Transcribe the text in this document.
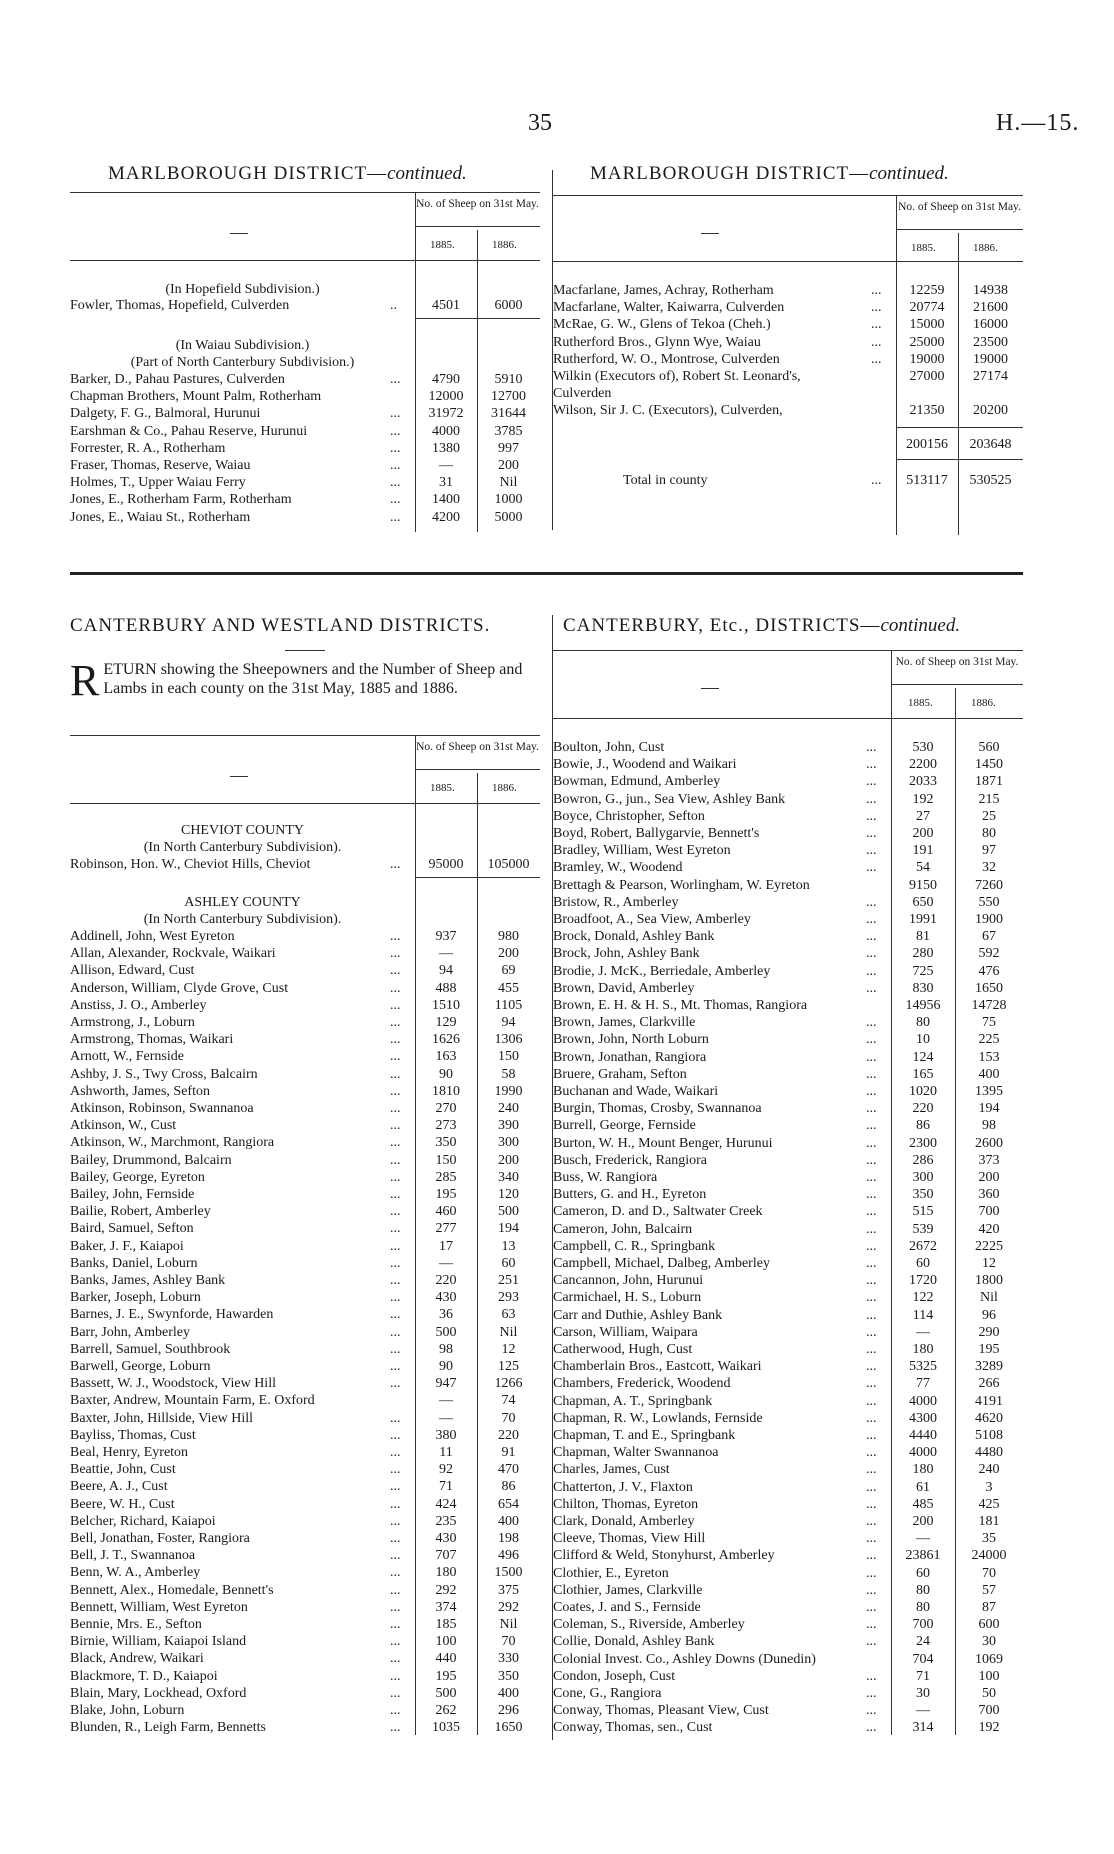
35	H.—15.
MARLBOROUGH DISTRICT—continued.
No. of Sheep on 31st May.
1885.	1886.
(In Hopefield Subdivision.)
Fowler, Thomas, Hopefield, Culverden	..	4501	6000
(In Waiau Subdivision.)
(Part of North Canterbury Subdivision.)
Barker, D., Pahau Pastures, Culverden	...	4790	5910
Chapman Brothers, Mount Palm, Rotherham	12000	12700
Dalgety, F. G., Balmoral, Hurunui	...	31972	31644
Earshman & Co., Pahau Reserve, Hurunui	...	4000	3785
Forrester, R. A., Rotherham	...	1380	997
Fraser, Thomas, Reserve, Waiau	...	—	200
Holmes, T., Upper Waiau Ferry	...	31	Nil
Jones, E., Rotherham Farm, Rotherham	...	1400	1000
Jones, E., Waiau St., Rotherham	...	4200	5000
MARLBOROUGH DISTRICT—continued.
No. of Sheep on 31st May.
1885.	1886.
Macfarlane, James, Achray, Rotherham	...	12259	14938
Macfarlane, Walter, Kaiwarra, Culverden	...	20774	21600
McRae, G. W., Glens of Tekoa (Cheh.)	...	15000	16000
Rutherford Bros., Glynn Wye, Waiau	...	25000	23500
Rutherford, W. O., Montrose, Culverden	...	19000	19000
Wilkin (Executors of), Robert St. Leonard's,	27000	27174
Culverden
Wilson, Sir J. C. (Executors), Culverden,	21350	20200
200156	203648
Total in county	...	513117	530525
CANTERBURY AND WESTLAND DISTRICTS.
RETURN showing the Sheepowners and the Number of Sheep and Lambs in each county on the 31st May, 1885 and 1886.
No. of Sheep on 31st May.
1885.	1886.
CHEVIOT COUNTY
(In North Canterbury Subdivision).
Robinson, Hon. W., Cheviot Hills, Cheviot	...	95000	105000
ASHLEY COUNTY
(In North Canterbury Subdivision).
Addinell, John, West Eyreton	...	937	980
Allan, Alexander, Rockvale, Waikari	...	—	200
Allison, Edward, Cust	...	94	69
Anderson, William, Clyde Grove, Cust	...	488	455
Anstiss, J. O., Amberley	...	1510	1105
Armstrong, J., Loburn	...	129	94
Armstrong, Thomas, Waikari	...	1626	1306
Arnott, W., Fernside	...	163	150
Ashby, J. S., Twy Cross, Balcairn	...	90	58
Ashworth, James, Sefton	...	1810	1990
Atkinson, Robinson, Swannanoa	...	270	240
Atkinson, W., Cust	...	273	390
Atkinson, W., Marchmont, Rangiora	...	350	300
Bailey, Drummond, Balcairn	...	150	200
Bailey, George, Eyreton	...	285	340
Bailey, John, Fernside	...	195	120
Bailie, Robert, Amberley	...	460	500
Baird, Samuel, Sefton	...	277	194
Baker, J. F., Kaiapoi	...	17	13
Banks, Daniel, Loburn	...	—	60
Banks, James, Ashley Bank	...	220	251
Barker, Joseph, Loburn	...	430	293
Barnes, J. E., Swynforde, Hawarden	...	36	63
Barr, John, Amberley	...	500	Nil
Barrell, Samuel, Southbrook	...	98	12
Barwell, George, Loburn	...	90	125
Bassett, W. J., Woodstock, View Hill	...	947	1266
Baxter, Andrew, Mountain Farm, E. Oxford	—	74
Baxter, John, Hillside, View Hill	...	—	70
Bayliss, Thomas, Cust	...	380	220
Beal, Henry, Eyreton	...	11	91
Beattie, John, Cust	...	92	470
Beere, A. J., Cust	...	71	86
Beere, W. H., Cust	...	424	654
Belcher, Richard, Kaiapoi	...	235	400
Bell, Jonathan, Foster, Rangiora	...	430	198
Bell, J. T., Swannanoa	...	707	496
Benn, W. A., Amberley	...	180	1500
Bennett, Alex., Homedale, Bennett's	...	292	375
Bennett, William, West Eyreton	...	374	292
Bennie, Mrs. E., Sefton	...	185	Nil
Birnie, William, Kaiapoi Island	...	100	70
Black, Andrew, Waikari	...	440	330
Blackmore, T. D., Kaiapoi	...	195	350
Blain, Mary, Lockhead, Oxford	...	500	400
Blake, John, Loburn	...	262	296
Blunden, R., Leigh Farm, Bennetts	...	1035	1650
CANTERBURY, Etc., DISTRICTS—continued.
No. of Sheep on 31st May.
1885.	1886.
Boulton, John, Cust	...	530	560
Bowie, J., Woodend and Waikari	...	2200	1450
Bowman, Edmund, Amberley	...	2033	1871
Bowron, G., jun., Sea View, Ashley Bank	...	192	215
Boyce, Christopher, Sefton	...	27	25
Boyd, Robert, Ballygarvie, Bennett's	...	200	80
Bradley, William, West Eyreton	...	191	97
Bramley, W., Woodend	...	54	32
Brettagh & Pearson, Worlingham, W. Eyreton	9150	7260
Bristow, R., Amberley	...	650	550
Broadfoot, A., Sea View, Amberley	...	1991	1900
Brock, Donald, Ashley Bank	...	81	67
Brock, John, Ashley Bank	...	280	592
Brodie, J. McK., Berriedale, Amberley	...	725	476
Brown, David, Amberley	...	830	1650
Brown, E. H. & H. S., Mt. Thomas, Rangiora	14956	14728
Brown, James, Clarkville	...	80	75
Brown, John, North Loburn	...	10	225
Brown, Jonathan, Rangiora	...	124	153
Bruere, Graham, Sefton	...	165	400
Buchanan and Wade, Waikari	...	1020	1395
Burgin, Thomas, Crosby, Swannanoa	...	220	194
Burrell, George, Fernside	...	86	98
Burton, W. H., Mount Benger, Hurunui	...	2300	2600
Busch, Frederick, Rangiora	...	286	373
Buss, W. Rangiora	...	300	200
Butters, G. and H., Eyreton	...	350	360
Cameron, D. and D., Saltwater Creek	...	515	700
Cameron, John, Balcairn	...	539	420
Campbell, C. R., Springbank	...	2672	2225
Campbell, Michael, Dalbeg, Amberley	...	60	12
Cancannon, John, Hurunui	...	1720	1800
Carmichael, H. S., Loburn	...	122	Nil
Carr and Duthie, Ashley Bank	...	114	96
Carson, William, Waipara	...	—	290
Catherwood, Hugh, Cust	...	180	195
Chamberlain Bros., Eastcott, Waikari	...	5325	3289
Chambers, Frederick, Woodend	...	77	266
Chapman, A. T., Springbank	...	4000	4191
Chapman, R. W., Lowlands, Fernside	...	4300	4620
Chapman, T. and E., Springbank	...	4440	5108
Chapman, Walter Swannanoa	...	4000	4480
Charles, James, Cust	...	180	240
Chatterton, J. V., Flaxton	...	61	3
Chilton, Thomas, Eyreton	...	485	425
Clark, Donald, Amberley	...	200	181
Cleeve, Thomas, View Hill	...	—	35
Clifford & Weld, Stonyhurst, Amberley	...	23861	24000
Clothier, E., Eyreton	...	60	70
Clothier, James, Clarkville	...	80	57
Coates, J. and S., Fernside	...	80	87
Coleman, S., Riverside, Amberley	...	700	600
Collie, Donald, Ashley Bank	...	24	30
Colonial Invest. Co., Ashley Downs (Dunedin)	704	1069
Condon, Joseph, Cust	...	71	100
Cone, G., Rangiora	...	30	50
Conway, Thomas, Pleasant View, Cust	...	—	700
Conway, Thomas, sen., Cust	...	314	192
